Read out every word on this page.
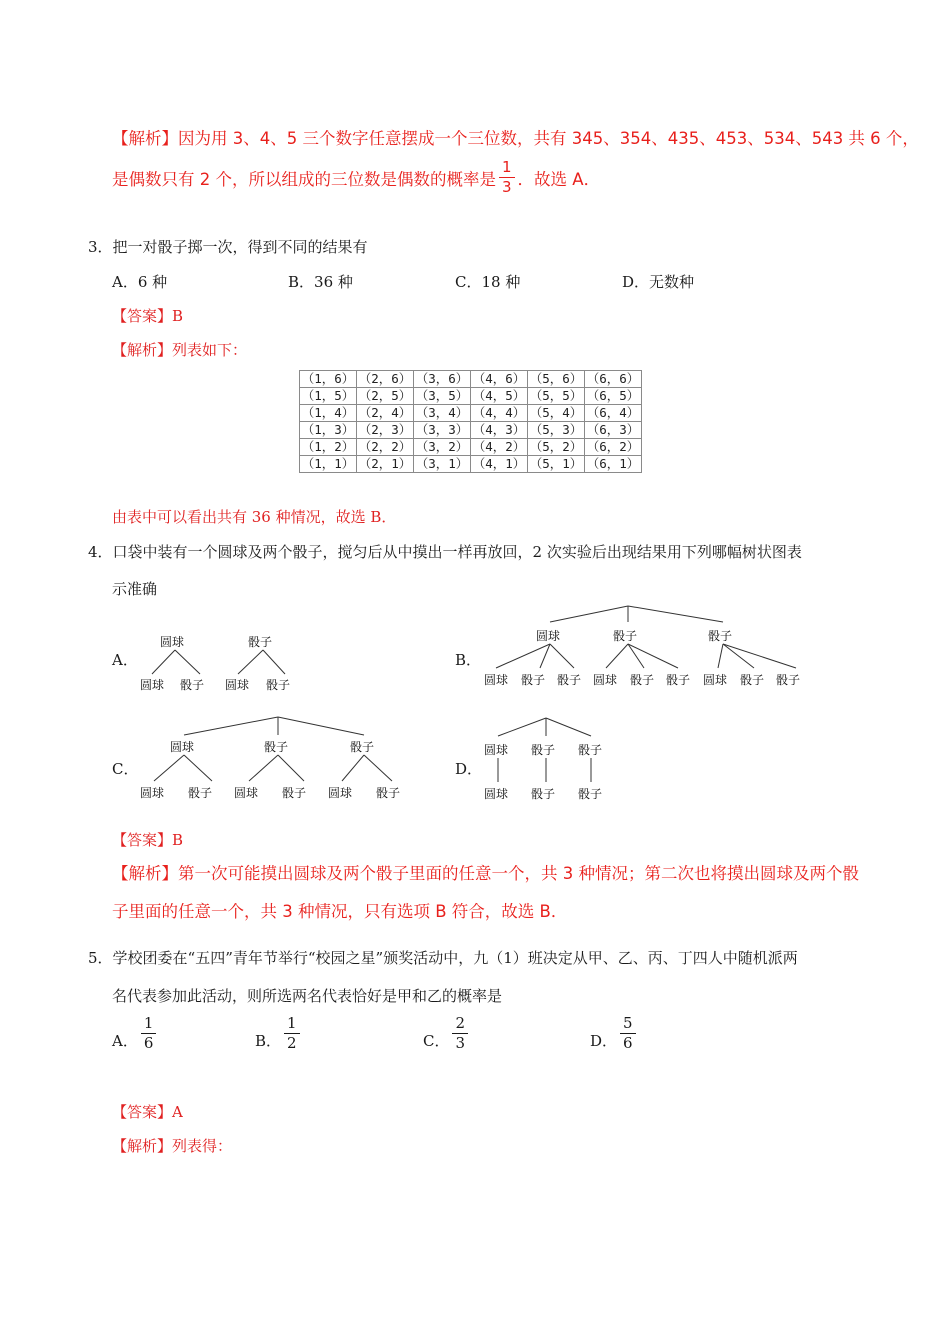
【解析】因为用 3、4、5 三个数字任意摆成一个三位数，共有 345、354、435、453、534、543 共 6 个，
是偶数只有 2 个，所以组成的三位数是偶数的概率是 $\frac{1}{3}$ ．故选 A．
3．把一对骰子掷一次，得到不同的结果有
A．6 种	B．36 种	C．18 种	D．无数种
【答案】B
【解析】列表如下：
（1，6）	（2，6）	（3，6）	（4，6）	（5，6）	（6，6）
（1，5）	（2，5）	（3，5）	（4，5）	（5，5）	（6，5）
（1，4）	（2，4）	（3，4）	（4，4）	（5，4）	（6，4）
（1，3）	（2，3）	（3，3）	（4，3）	（5，3）	（6，3）
（1，2）	（2，2）	（3，2）	（4，2）	（5，2）	（6，2）
（1，1）	（2，1）	（3，1）	（4，1）	（5，1）	（6，1）
由表中可以看出共有 36 种情况，故选 B．
4．口袋中装有一个圆球及两个骰子，搅匀后从中摸出一样再放回，2 次实验后出现结果用下列哪幅树状图表
示准确
A．	B．
C．	D．
圆球	骰子
圆球 骰子 圆球 骰子
圆球	骰子	骰子
圆球 骰子 骰子 圆球 骰子 骰子 圆球 骰子 骰子
圆球	骰子	骰子
圆球 骰子 圆球 骰子 圆球 骰子
圆球 骰子 骰子
圆球 骰子 骰子
【答案】B
【解析】第一次可能摸出圆球及两个骰子里面的任意一个，共 3 种情况；第二次也将摸出圆球及两个骰
子里面的任意一个，共 3 种情况，只有选项 B 符合，故选 B．
5．学校团委在“五四”青年节举行“校园之星”颁奖活动中，九（1）班决定从甲、乙、丙、丁四人中随机派两
名代表参加此活动，则所选两名代表恰好是甲和乙的概率是
A． $\frac{1}{6}$	B． $\frac{1}{2}$	C． $\frac{2}{3}$	D． $\frac{5}{6}$
【答案】A
【解析】列表得：
